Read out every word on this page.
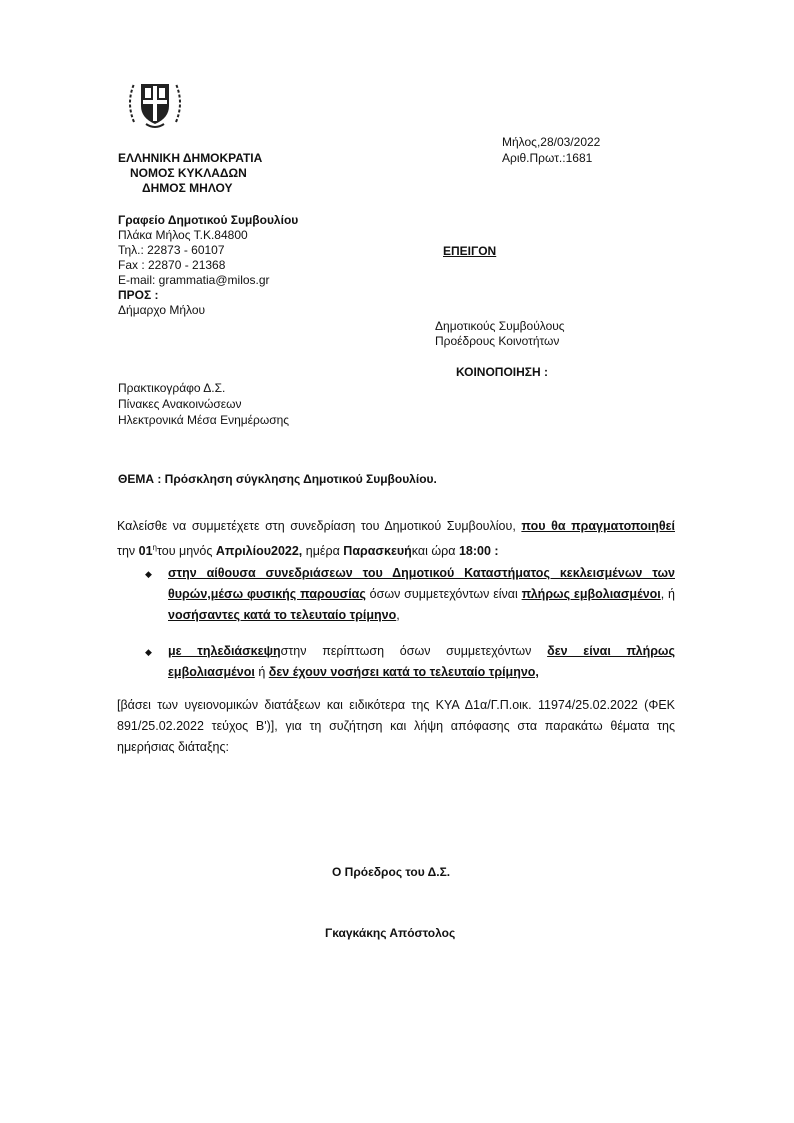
ΕΛΛΗΝΙΚΗ ΔΗΜΟΚΡΑΤΙΑ
ΝΟΜΟΣ ΚΥΚΛΑΔΩΝ
ΔΗΜΟΣ ΜΗΛΟΥ
Γραφείο Δημοτικού Συμβουλίου
Πλάκα Μήλος Τ.Κ.84800
Τηλ.: 22873 - 60107
Fax : 22870 - 21368
E-mail: grammatia@milos.gr
Μήλος,28/03/2022
Αριθ.Πρωτ.:1681
ΕΠΕΙΓΟΝ
ΠΡΟΣ :
Δήμαρχο Μήλου
Δημοτικούς Συμβούλους
Προέδρους Κοινοτήτων
ΚΟΙΝΟΠΟΙΗΣΗ :
Πρακτικογράφο Δ.Σ.
Πίνακες Ανακοινώσεων
Ηλεκτρονικά Μέσα Ενημέρωσης
ΘΕΜΑ : Πρόσκληση σύγκλησης Δημοτικού Συμβουλίου.
Καλείσθε να συμμετέχετε στη συνεδρίαση του Δημοτικού Συμβουλίου, που θα πραγματοποιηθεί την $01^\eta\tau o\upsilon$ μηνός Απριλίου2022, ημέρα Παρασκευήκαι ώρα 18:00 :
◆ στην αίθουσα συνεδριάσεων του Δημοτικού Καταστήματος κεκλεισμένων των θυρών,μέσω φυσικής παρουσίας όσων συμμετεχόντων είναι πλήρως εμβολιασμένοι, ή νοσήσαντες κατά το τελευταίο τρίμηνο,
◆ με τηλεδιάσκεψηστην περίπτωση όσων συμμετεχόντων δεν είναι πλήρως εμβολιασμένοι ή δεν έχουν νοσήσει κατά το τελευταίο τρίμηνο,
[βάσει των υγειονομικών διατάξεων και ειδικότερα της ΚΥΑ Δ1α/Γ.Π.οικ. 11974/25.02.2022 (ΦΕΚ 891/25.02.2022 τεύχος Β')], για τη συζήτηση και λήψη απόφασης στα παρακάτω θέματα της ημερήσιας διάταξης:
Ο Πρόεδρος του Δ.Σ.
Γκαγκάκης Απόστολος
